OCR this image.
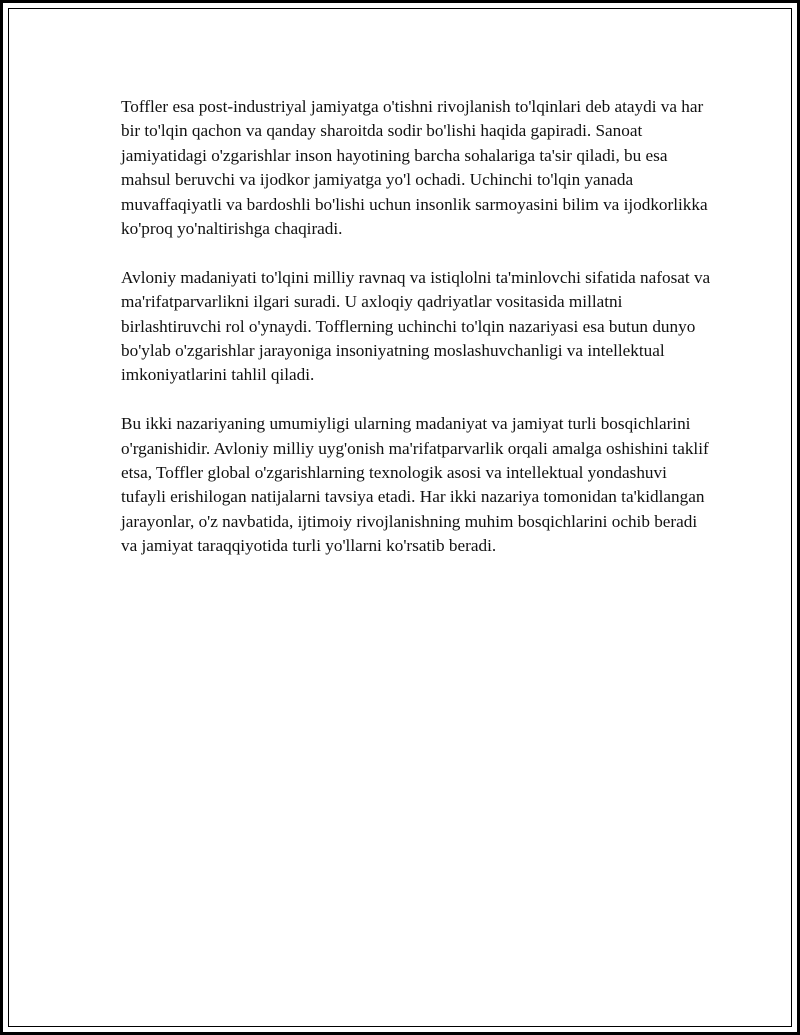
Toffler esa post-industriyal jamiyatga o'tishni rivojlanish to'lqinlari deb ataydi va har bir to'lqin qachon va qanday sharoitda sodir bo'lishi haqida gapiradi. Sanoat jamiyatidagi o'zgarishlar inson hayotining barcha sohalariga ta'sir qiladi, bu esa mahsul beruvchi va ijodkor jamiyatga yo'l ochadi. Uchinchi to'lqin yanada muvaffaqiyatli va bardoshli bo'lishi uchun insonlik sarmoyasini bilim va ijodkorlikka ko'proq yo'naltirishga chaqiradi.

Avloniy madaniyati to'lqini milliy ravnaq va istiqlolni ta'minlovchi sifatida nafosat va ma'rifatparvarlikni ilgari suradi. U axloqiy qadriyatlar vositasida millatni birlashtiruvchi rol o'ynaydi. Tofflerning uchinchi to'lqin nazariyasi esa butun dunyo bo'ylab o'zgarishlar jarayoniga insoniyatning moslashuvchanligi va intellektual imkoniyatlarini tahlil qiladi.

Bu ikki nazariyaning umumiyligi ularning madaniyat va jamiyat turli bosqichlarini o'rganishidir. Avloniy milliy uyg'onish ma'rifatparvarlik orqali amalga oshishini taklif etsa, Toffler global o'zgarishlarning texnologik asosi va intellektual yondashuvi tufayli erishilogan natijalarni tavsiya etadi. Har ikki nazariya tomonidan ta'kidlangan jarayonlar, o'z navbatida, ijtimoiy rivojlanishning muhim bosqichlarini ochib beradi va jamiyat taraqqiyotida turli yo'llarni ko'rsatib beradi.
